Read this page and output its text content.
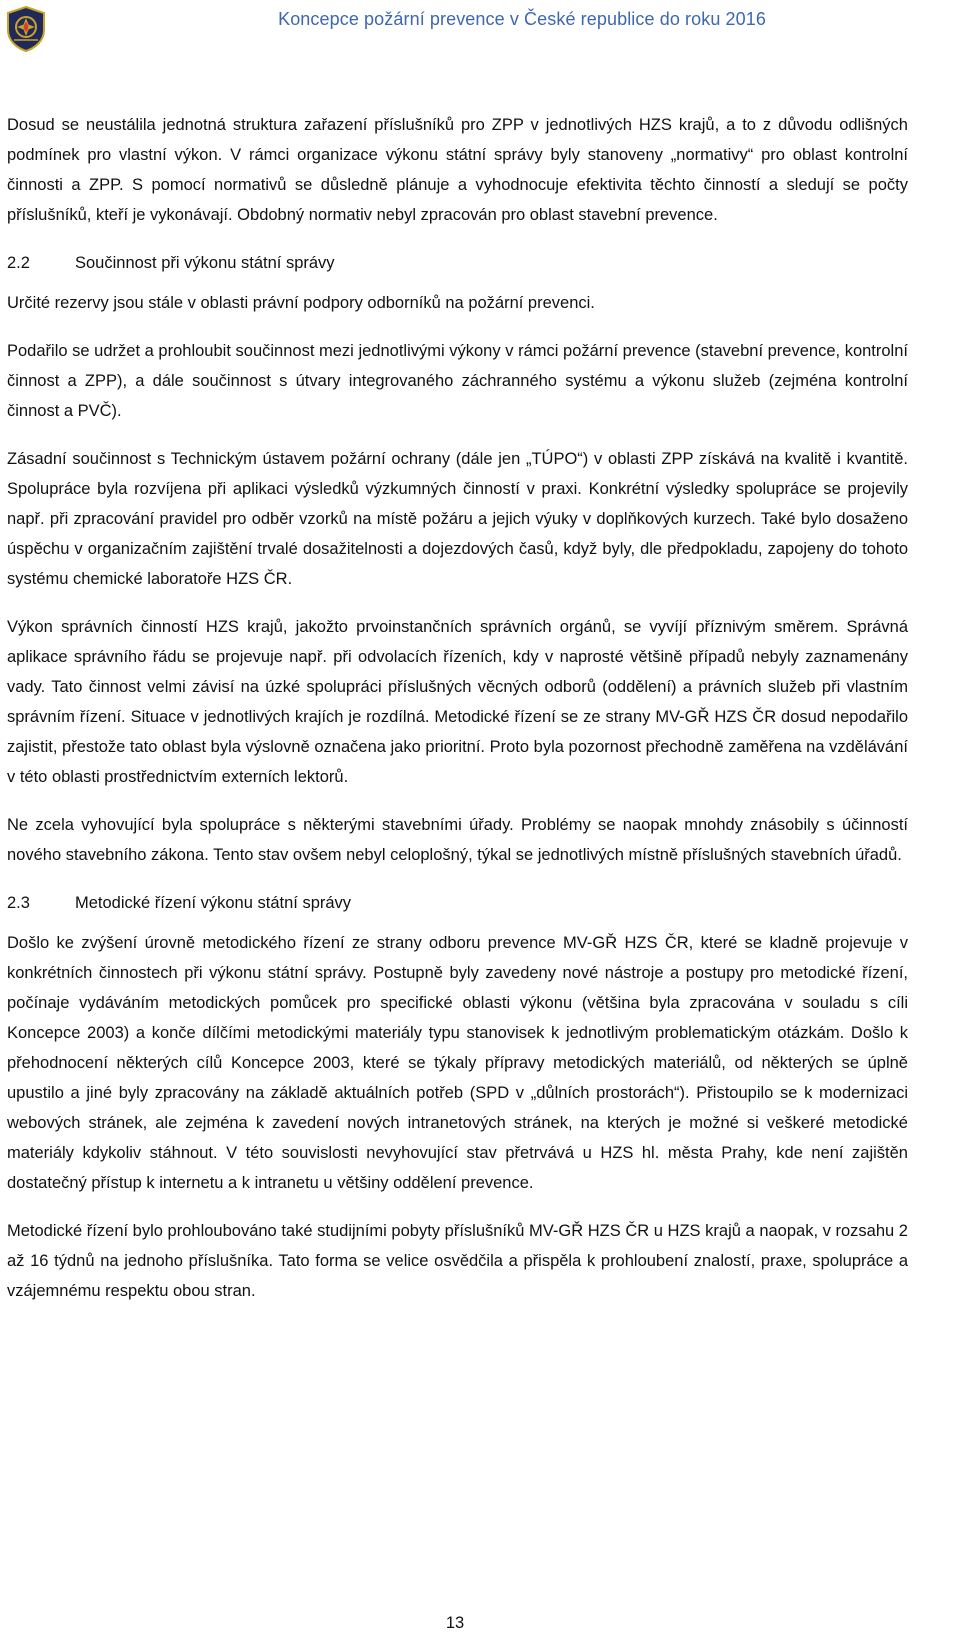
Koncepce požární prevence v České republice do roku 2016

Dosud se neustálila jednotná struktura zařazení příslušníků pro ZPP v jednotlivých HZS krajů, a to z důvodu odlišných podmínek pro vlastní výkon. V rámci organizace výkonu státní správy byly stanoveny „normativy“ pro oblast kontrolní činnosti a ZPP. S pomocí normativů se důsledně plánuje a vyhodnocuje efektivita těchto činností a sledují se počty příslušníků, kteří je vykonávají. Obdobný normativ nebyl zpracován pro oblast stavební prevence.

2.2	Součinnost při výkonu státní správy

Určité rezervy jsou stále v oblasti právní podpory odborníků na požární prevenci.

Podařilo se udržet a prohloubit součinnost mezi jednotlivými výkony v rámci požární prevence (stavební prevence, kontrolní činnost a ZPP), a dále součinnost s útvary integrovaného záchranného systému a výkonu služeb (zejména kontrolní činnost a PVČ).

Zásadní součinnost s Technickým ústavem požární ochrany (dále jen „TÚPO“) v oblasti ZPP získává na kvalitě i kvantitě. Spolupráce byla rozvíjena při aplikaci výsledků výzkumných činností v praxi. Konkrétní výsledky spolupráce se projevily např. při zpracování pravidel pro odběr vzorků na místě požáru a jejich výuky v doplňkových kurzech. Také bylo dosaženo úspěchu v organizačním zajištění trvalé dosažitelnosti a dojezdových časů, když byly, dle předpokladu, zapojeny do tohoto systému chemické laboratoře HZS ČR.

Výkon správních činností HZS krajů, jakožto prvoinstančních správních orgánů, se vyvíjí příznivým směrem. Správná aplikace správního řádu se projevuje např. při odvolacích řízeních, kdy v naprosté většině případů nebyly zaznamenány vady. Tato činnost velmi závisí na úzké spolupráci příslušných věcných odborů (oddělení) a právních služeb při vlastním správním řízení. Situace v jednotlivých krajích je rozdílná. Metodické řízení se ze strany MV-GŘ HZS ČR dosud nepodařilo zajistit, přestože tato oblast byla výslovně označena jako prioritní. Proto byla pozornost přechodně zaměřena na vzdělávání v této oblasti prostřednictvím externích lektorů.

Ne zcela vyhovující byla spolupráce s některými stavebními úřady. Problémy se naopak mnohdy znásobily s účinností nového stavebního zákona. Tento stav ovšem nebyl celoplošný, týkal se jednotlivých místně příslušných stavebních úřadů.

2.3	Metodické řízení výkonu státní správy

Došlo ke zvýšení úrovně metodického řízení ze strany odboru prevence MV-GŘ HZS ČR, které se kladně projevuje v konkrétních činnostech při výkonu státní správy. Postupně byly zavedeny nové nástroje a postupy pro metodické řízení, počínaje vydáváním metodických pomůcek pro specifické oblasti výkonu (většina byla zpracována v souladu s cíli Koncepce 2003) a konče dílčími metodickými materiály typu stanovisek k jednotlivým problematickým otázkám. Došlo k přehodnocení některých cílů Koncepce 2003, které se týkaly přípravy metodických materiálů, od některých se úplně upustilo a jiné byly zpracovány na základě aktuálních potřeb (SPD v „důlních prostorách“). Přistoupilo se k modernizaci webových stránek, ale zejména k zavedení nových intranetových stránek, na kterých je možné si veškeré metodické materiály kdykoliv stáhnout. V této souvislosti nevyhovující stav přetrvává u HZS hl. města Prahy, kde není zajištěn dostatečný přístup k internetu a k intranetu u většiny oddělení prevence.

Metodické řízení bylo prohloubováno také studijními pobyty příslušníků MV-GŘ HZS ČR u HZS krajů a naopak, v rozsahu 2 až 16 týdnů na jednoho příslušníka. Tato forma se velice osvědčila a přispěla k prohloubení znalostí, praxe, spolupráce a vzájemnému respektu obou stran.

13
